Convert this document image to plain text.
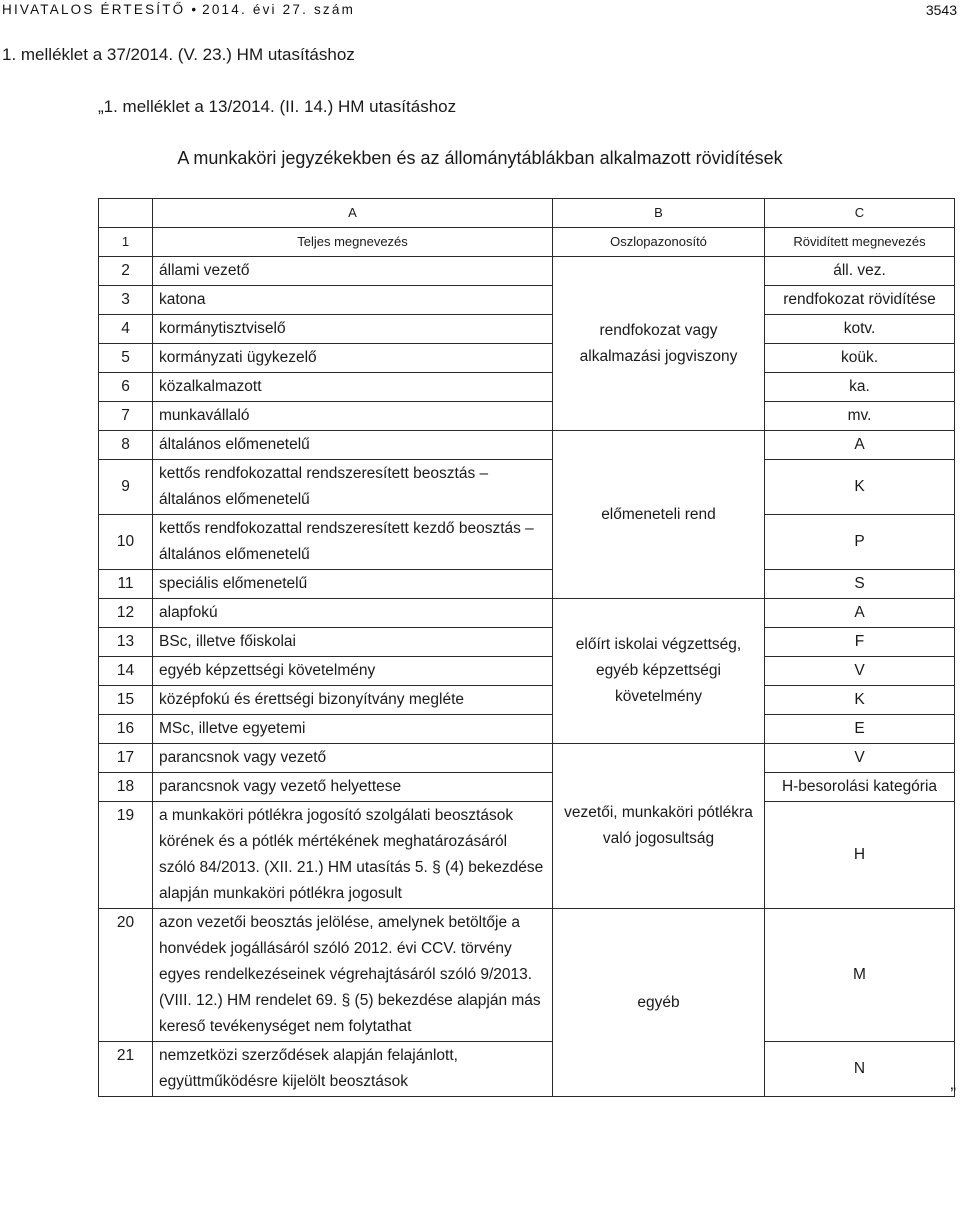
HIVATALOS ÉRTESÍTŐ • 2014. évi 27. szám	3543
1. melléklet a 37/2014. (V. 23.) HM utasításhoz
„1. melléklet a 13/2014. (II. 14.) HM utasításhoz
A munkaköri jegyzékekben és az állománytáblákban alkalmazott rövidítések
	A	B	C
1	Teljes megnevezés	Oszlopazonosító	Rövidített megnevezés
2	állami vezető	rendfokozat vagy alkalmazási jogviszony	áll. vez.
3	katona		rendfokozat rövidítése
4	kormánytisztviselő		kotv.
5	kormányzati ügykezelő		koük.
6	közalkalmazott		ka.
7	munkavállaló		mv.
8	általános előmenetelű	előmeneteli rend	A
9	kettős rendfokozattal rendszeresített beosztás – általános előmenetelű		K
10	kettős rendfokozattal rendszeresített kezdő beosztás – általános előmenetelű		P
11	speciális előmenetelű		S
12	alapfokú	előírt iskolai végzettség, egyéb képzettségi követelmény	A
13	BSc, illetve főiskolai		F
14	egyéb képzettségi követelmény		V
15	középfokú és érettségi bizonyítvány megléte		K
16	MSc, illetve egyetemi		E
17	parancsnok vagy vezető	vezetői, munkaköri pótlékra való jogosultság	V
18	parancsnok vagy vezető helyettese		H-besorolási kategória
19	a munkaköri pótlékra jogosító szolgálati beosztások körének és a pótlék mértékének meghatározásáról szóló 84/2013. (XII. 21.) HM utasítás 5. § (4) bekezdése alapján munkaköri pótlékra jogosult		H
20	azon vezetői beosztás jelölése, amelynek betöltője a honvédek jogállásáról szóló 2012. évi CCV. törvény egyes rendelkezéseinek végrehajtásáról szóló 9/2013. (VIII. 12.) HM rendelet 69. § (5) bekezdése alapján más kereső tevékenységet nem folytathat	egyéb	M
21	nemzetközi szerződések alapján felajánlott, együttműködésre kijelölt beosztások		N
”
